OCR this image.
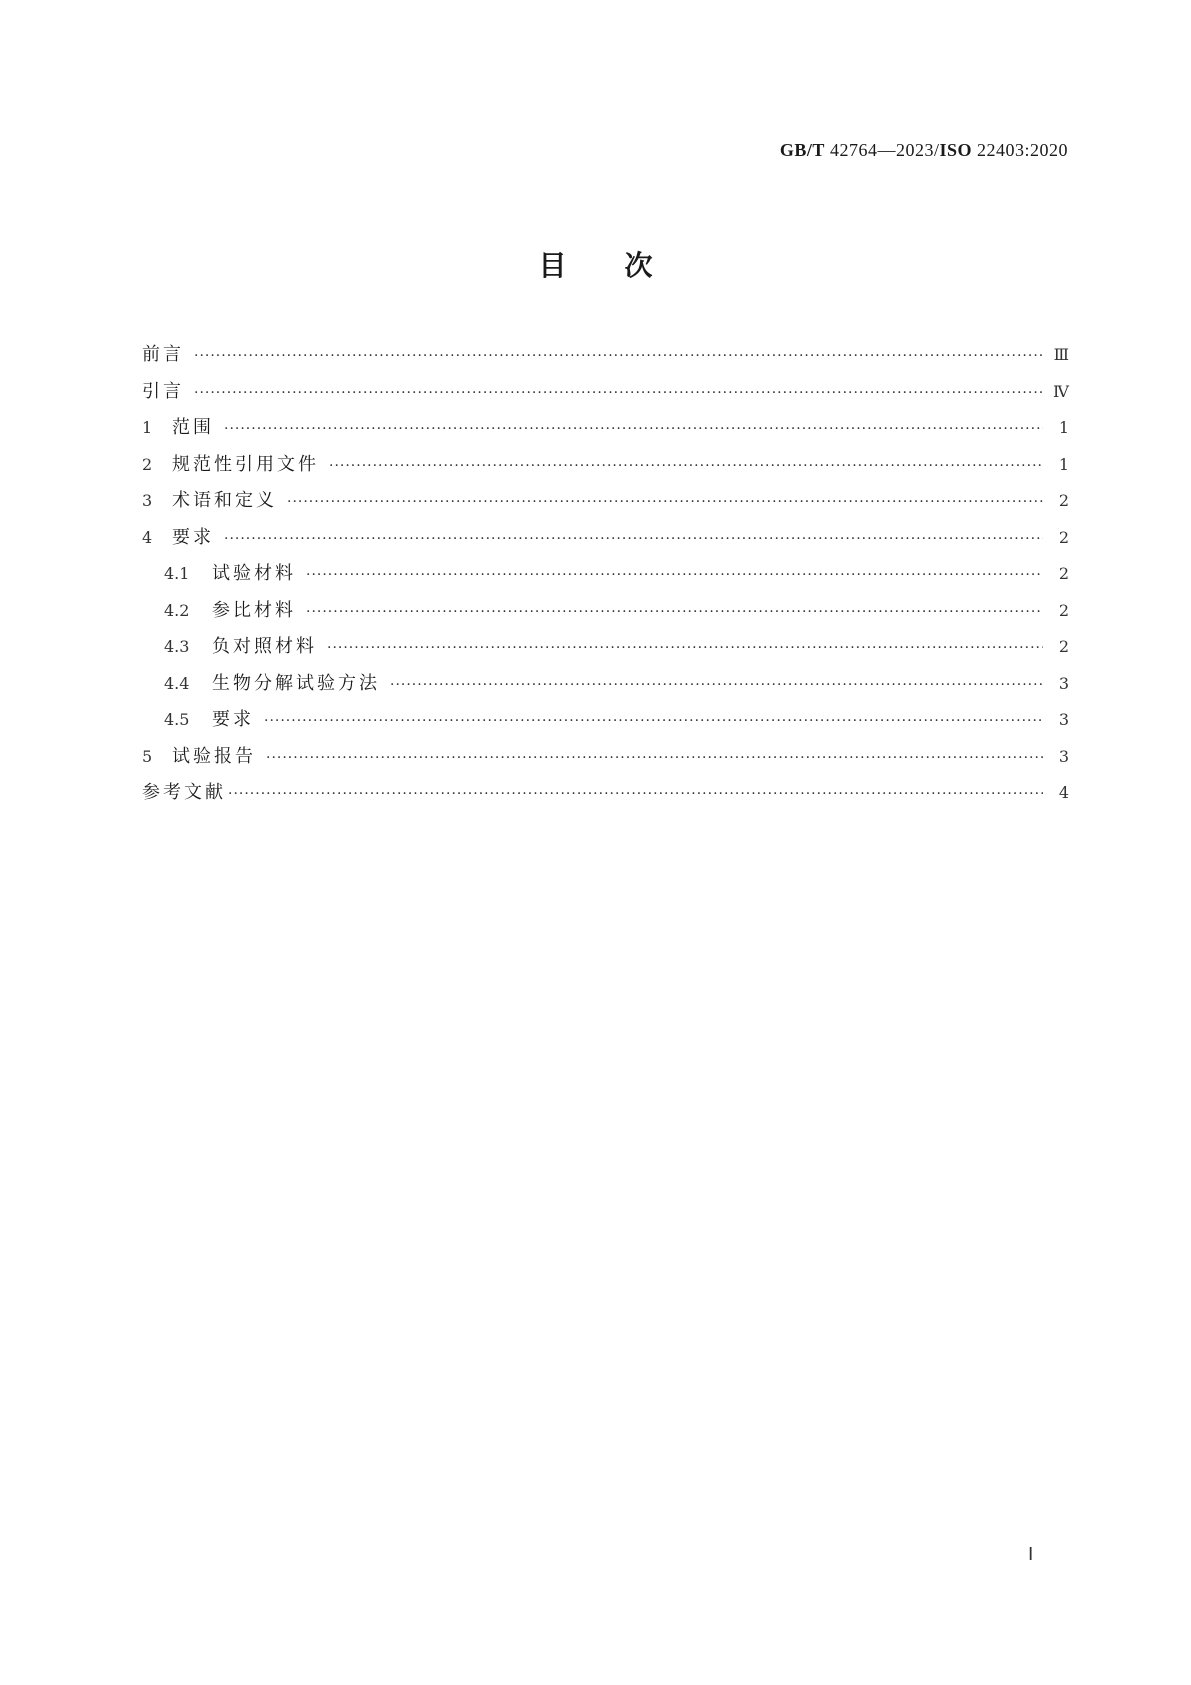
GB/T 42764—2023/ISO 22403:2020
目次
前言 ·····	Ⅲ
引言 ·····	Ⅳ
1	范围 ·····	1
2	规范性引用文件 ·····	1
3	术语和定义 ·····	2
4	要求 ·····	2
4.1	试验材料 ·····	2
4.2	参比材料 ·····	2
4.3	负对照材料 ·····	2
4.4	生物分解试验方法 ·····	3
4.5	要求 ·····	3
5	试验报告 ·····	3
参考文献 ·····	4
Ⅰ
